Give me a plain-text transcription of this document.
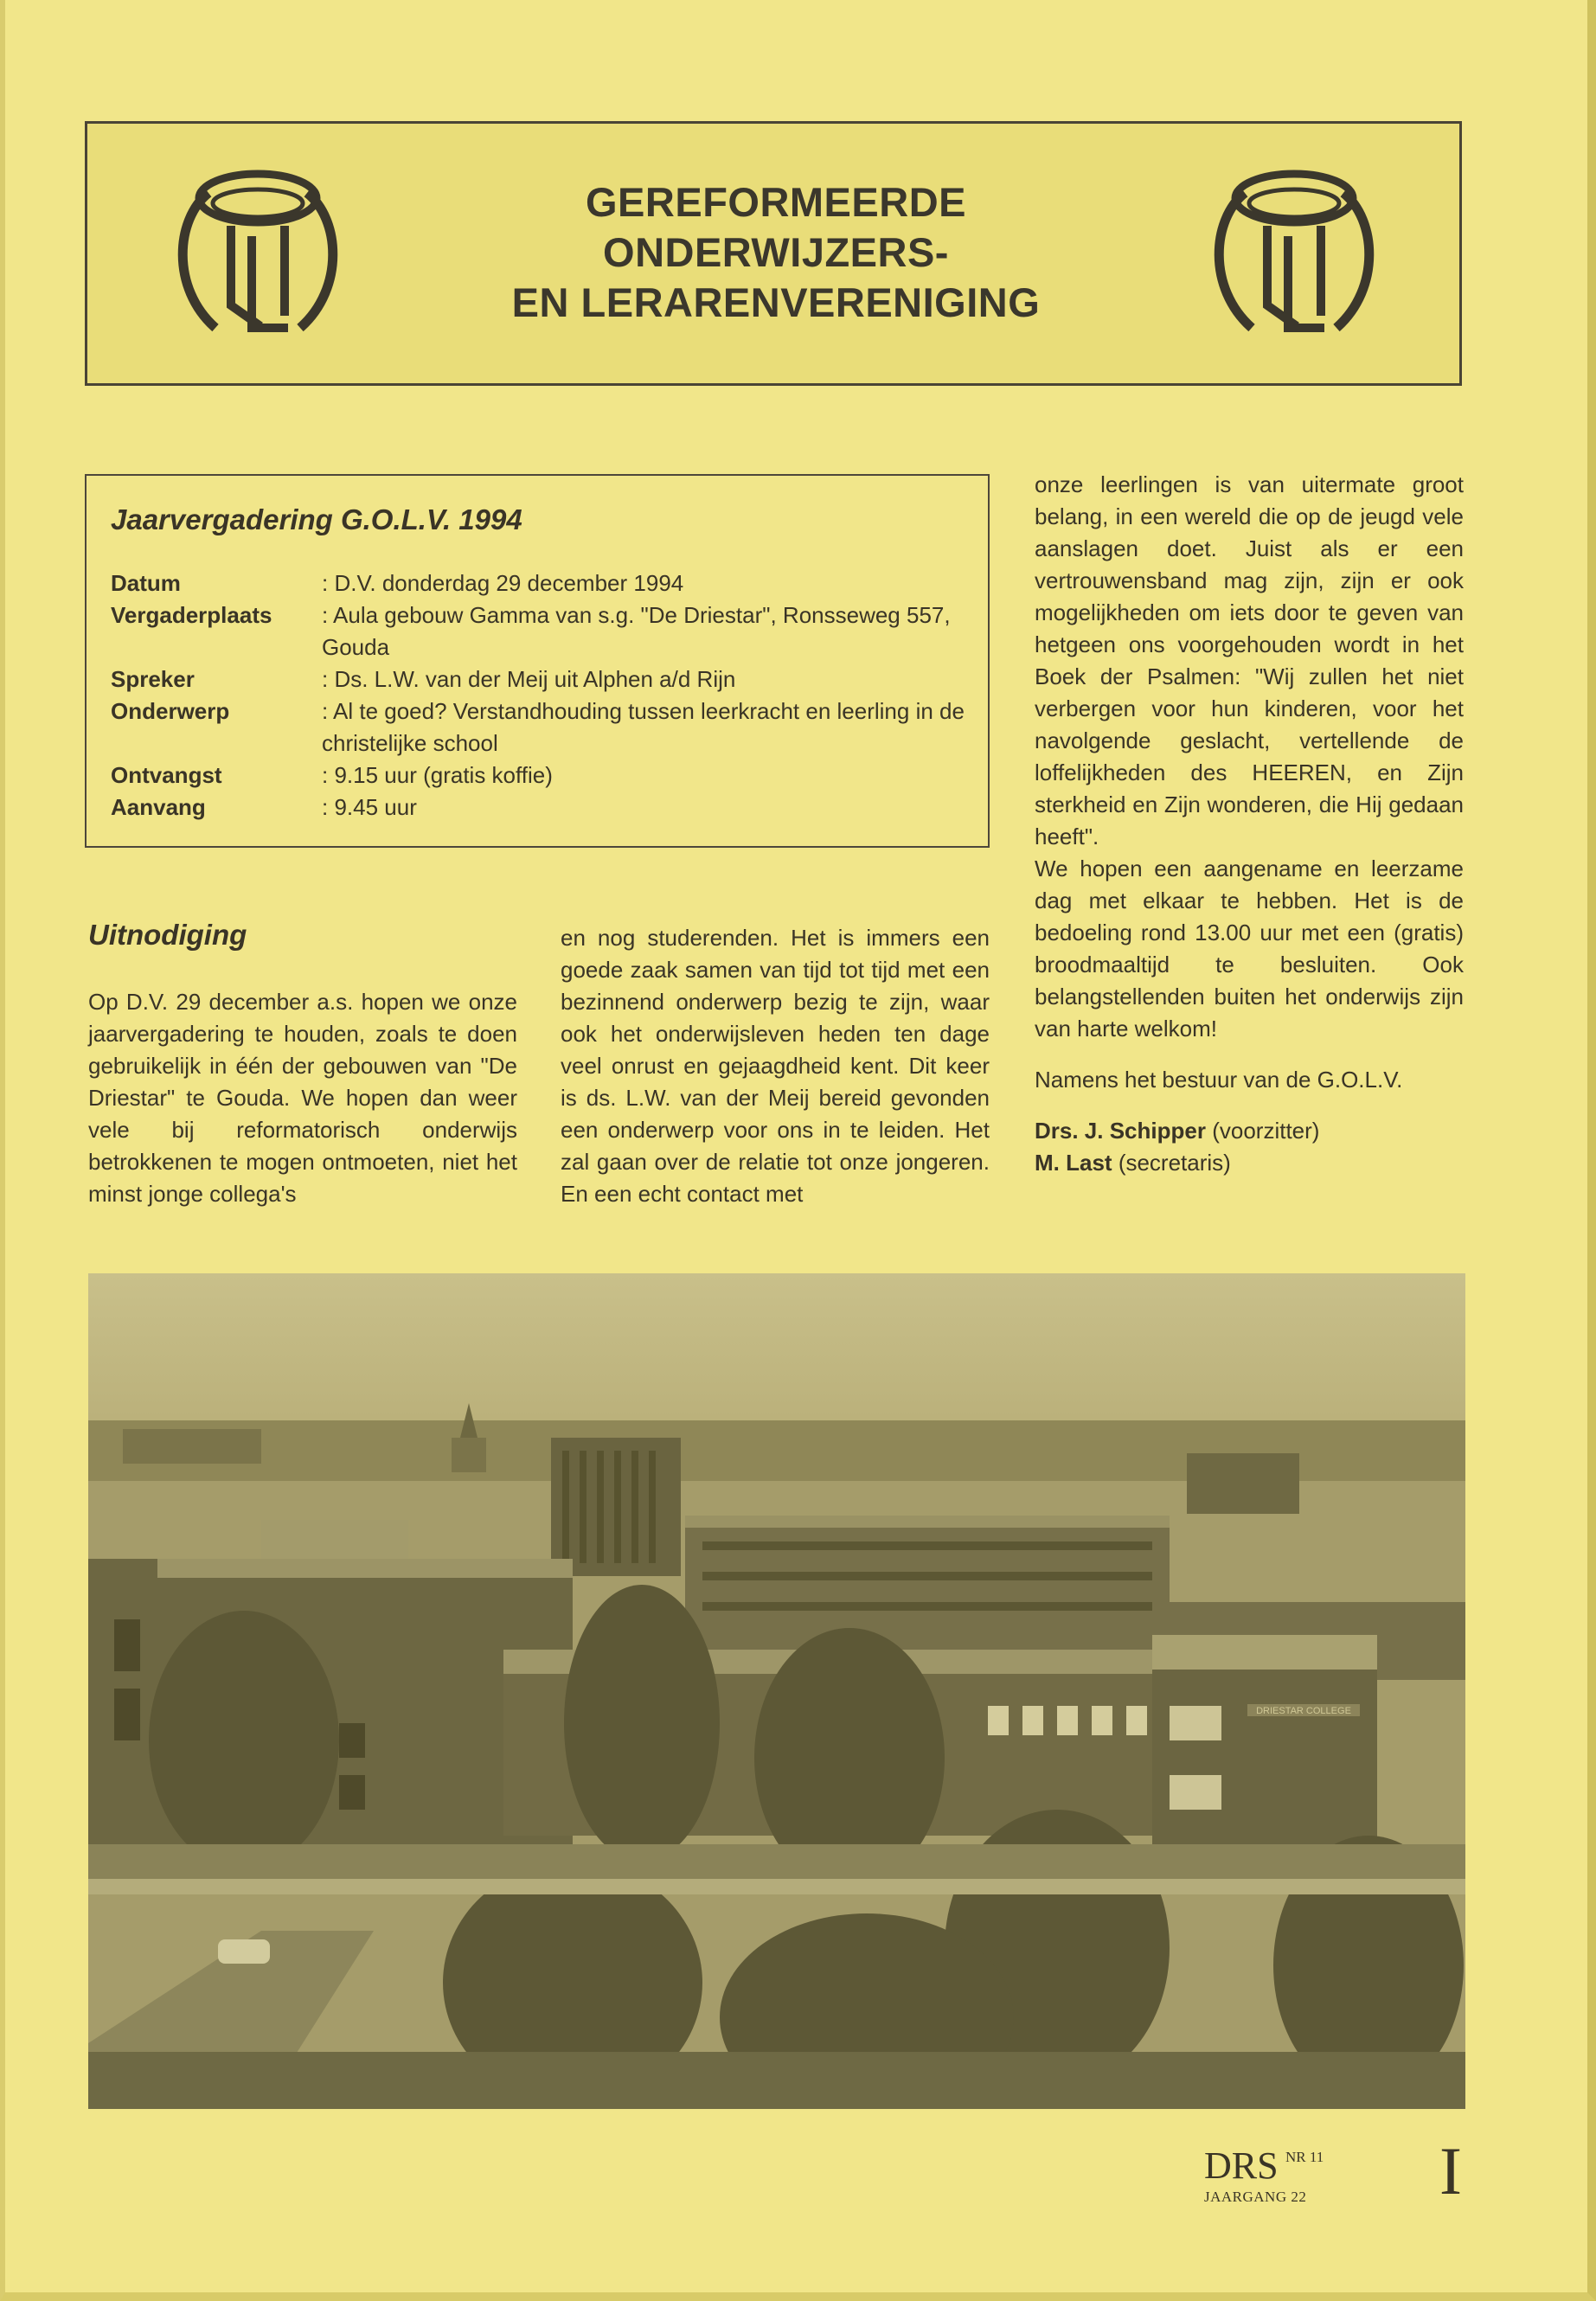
GEREFORMEERDE
ONDERWIJZERS-
EN LERARENVERENIGING
Jaarvergadering G.O.L.V. 1994
Datum	: D.V. donderdag 29 december 1994
Vergaderplaats	: Aula gebouw Gamma van s.g. "De Driestar", Ronsseweg 557, Gouda
Spreker	: Ds. L.W. van der Meij uit Alphen a/d Rijn
Onderwerp	: Al te goed? Verstandhouding tussen leerkracht en leerling in de christelijke school
Ontvangst	: 9.15 uur (gratis koffie)
Aanvang	: 9.45 uur
Uitnodiging

Op D.V. 29 december a.s. hopen we onze jaarvergadering te houden, zoals te doen gebruikelijk in één der gebouwen van "De Driestar" te Gouda. We hopen dan weer vele bij reformatorisch onderwijs betrokkenen te mogen ontmoeten, niet het minst jonge collega's

en nog studerenden. Het is immers een goede zaak samen van tijd tot tijd met een bezinnend onderwerp bezig te zijn, waar ook het onderwijsleven heden ten dage veel onrust en gejaagdheid kent. Dit keer is ds. L.W. van der Meij bereid gevonden een onderwerp voor ons in te leiden. Het zal gaan over de relatie tot onze jongeren. En een echt contact met

onze leerlingen is van uitermate groot belang, in een wereld die op de jeugd vele aanslagen doet. Juist als er een vertrouwensband mag zijn, zijn er ook mogelijkheden om iets door te geven van hetgeen ons voorgehouden wordt in het Boek der Psalmen: "Wij zullen het niet verbergen voor hun kinderen, voor het navolgende geslacht, vertellende de loffelijkheden des HEEREN, en Zijn sterkheid en Zijn wonderen, die Hij gedaan heeft".

We hopen een aangename en leerzame dag met elkaar te hebben. Het is de bedoeling rond 13.00 uur met een (gratis) broodmaaltijd te besluiten. Ook belangstellenden buiten het onderwijs zijn van harte welkom!

Namens het bestuur van de G.O.L.V.

Drs. J. Schipper (voorzitter)

M. Last (secretaris)

DRIESTAR COLLEGE
DRS NR 11
JAARGANG 22 I
